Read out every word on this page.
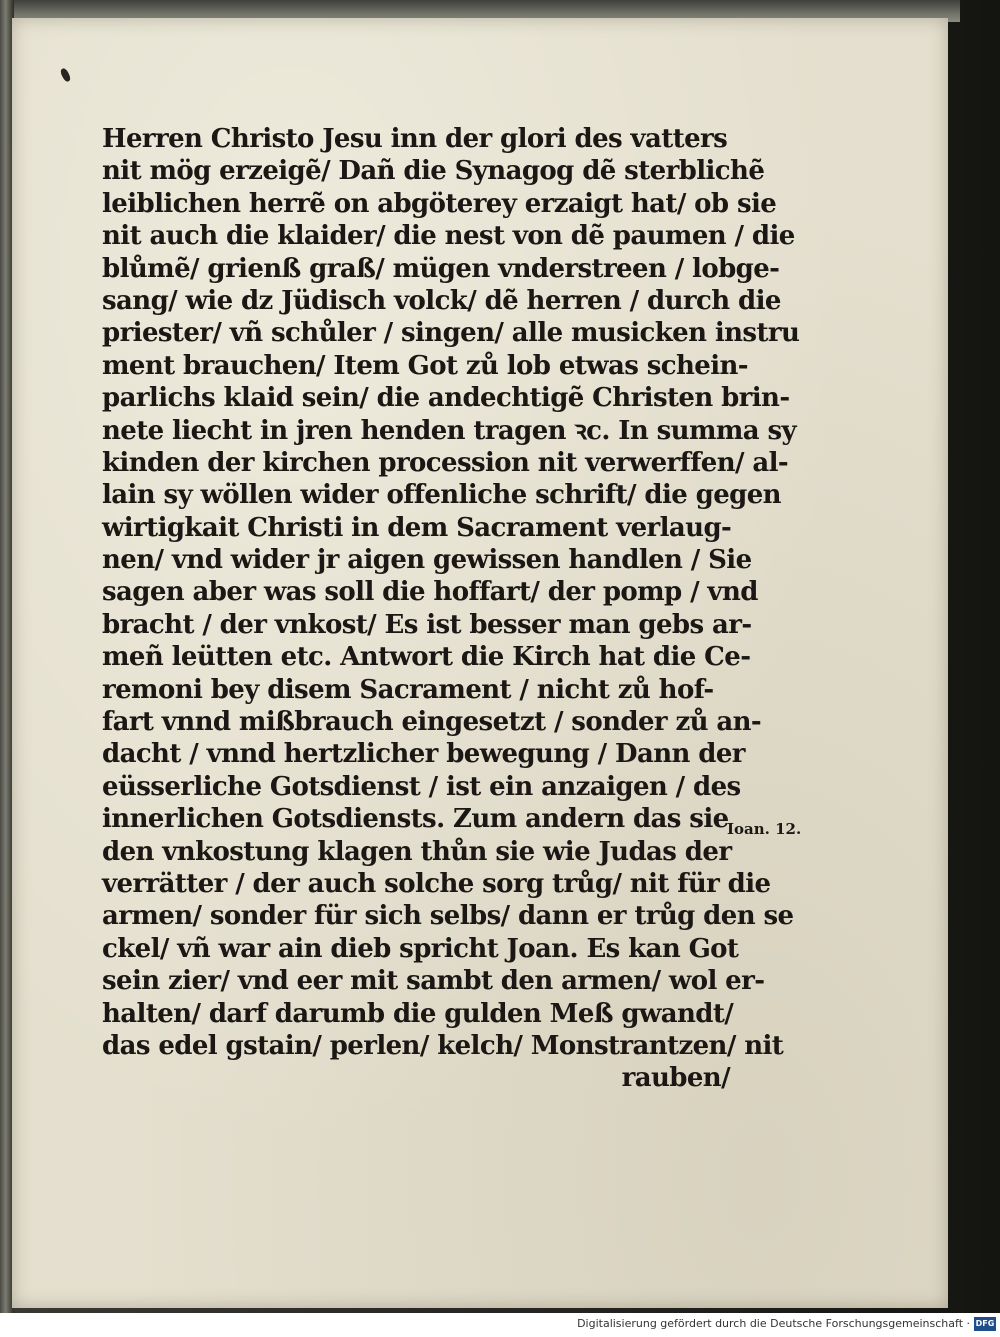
Herren Christo Jesu inn der glori des vatters
nit mög erzeigẽ/ Dañ die Synagog dẽ sterblichẽ
leiblichen herrẽ on abgöterey erzaigt hat/ ob sie
nit auch die klaider/ die nest von dẽ paumen / die
blůmẽ/ grienß graß/ mügen vnderstreen / lobge-
sang/ wie dz Jüdisch volck/ dẽ herren / durch die
priester/ vñ schůler / singen/ alle musicken instru
ment brauchen/ Item Got zů lob etwas schein-
parlichs klaid sein/ die andechtigẽ Christen brin-
nete liecht in jren henden tragen ꝛc. In summa sy
kinden der kirchen procession nit verwerffen/ al-
lain sy wöllen wider offenliche schrift/ die gegen
wirtigkait Christi in dem Sacrament verlaug-
nen/ vnd wider jr aigen gewissen handlen / Sie
sagen aber was soll die hoffart/ der pomp / vnd
bracht / der vnkost/ Es ist besser man gebs ar-
meñ leütten etc. Antwort die Kirch hat die Ce-
remoni bey disem Sacrament / nicht zů hof-
fart vnnd mißbrauch eingesetzt / sonder zů an-
dacht / vnnd hertzlicher bewegung / Dann der
eüsserliche Gotsdienst / ist ein anzaigen / des
innerlichen Gotsdiensts. Zum andern das sie
den vnkostung klagen thůn sie wie Judas der
verrätter / der auch solche sorg trůg/ nit für die
armen/ sonder für sich selbs/ dann er trůg den se
ckel/ vñ war ain dieb spricht Joan. Es kan Got
sein zier/ vnd eer mit sambt den armen/ wol er-
halten/ darf darumb die gulden Meß gwandt/
das edel gstain/ perlen/ kelch/ Monstrantzen/ nit
rauben/
Ioan. 12.
Digitalisierung gefördert durch die Deutsche Forschungsgemeinschaft · DFG
